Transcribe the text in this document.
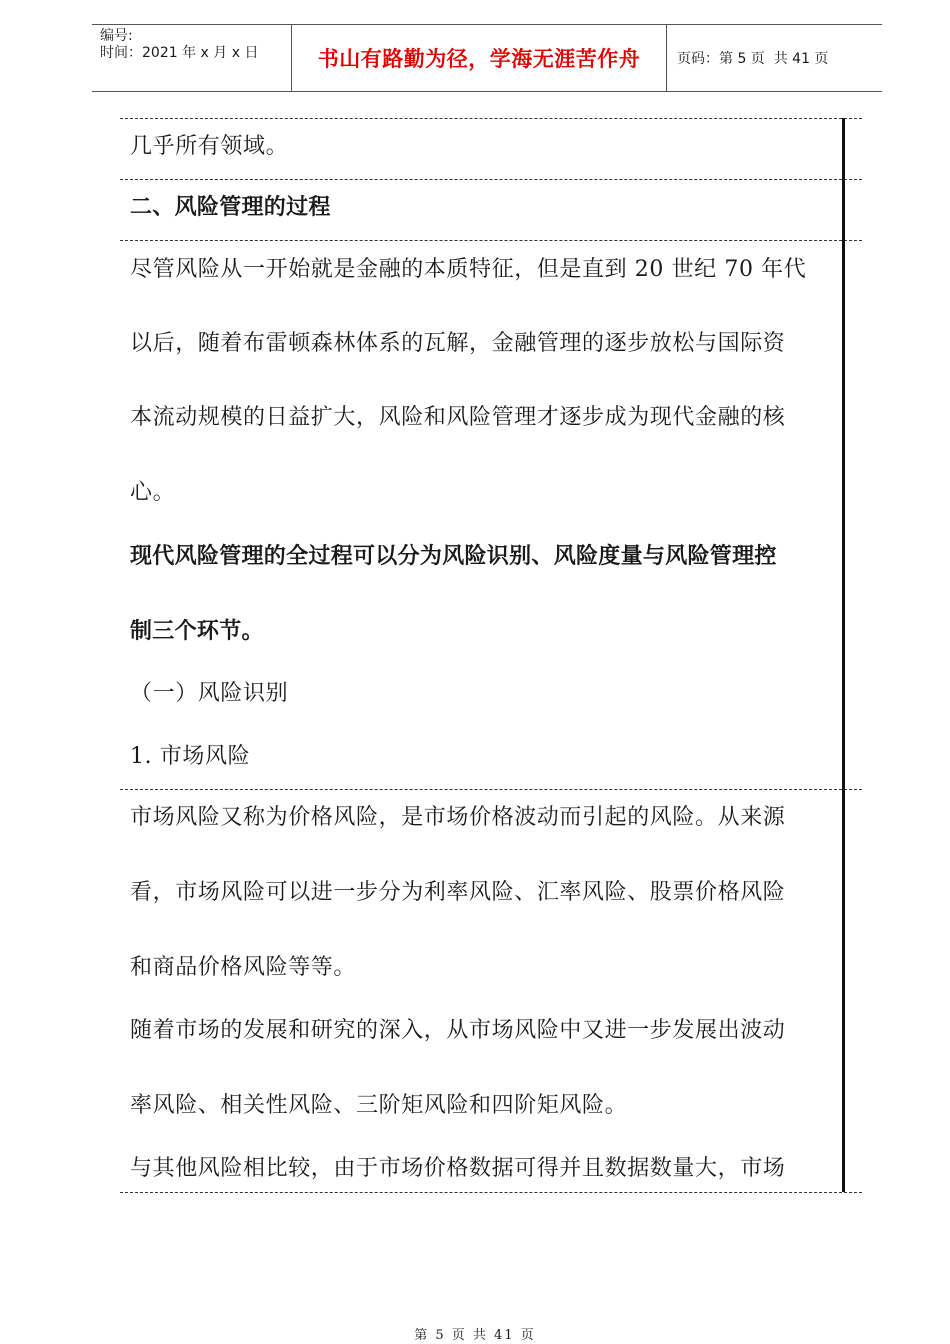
编号:
时间：2021 年 x 月 x 日	书山有路勤为径，学海无涯苦作舟	页码：第 5 页  共 41 页
几乎所有领域。
二、风险管理的过程
尽管风险从一开始就是金融的本质特征，但是直到 20 世纪 70 年代
以后，随着布雷顿森林体系的瓦解，金融管理的逐步放松与国际资
本流动规模的日益扩大，风险和风险管理才逐步成为现代金融的核
心。
现代风险管理的全过程可以分为风险识别、风险度量与风险管理控
制三个环节。
（一）风险识别
1. 市场风险
市场风险又称为价格风险，是市场价格波动而引起的风险。从来源
看，市场风险可以进一步分为利率风险、汇率风险、股票价格风险
和商品价格风险等等。
随着市场的发展和研究的深入，从市场风险中又进一步发展出波动
率风险、相关性风险、三阶矩风险和四阶矩风险。
与其他风险相比较，由于市场价格数据可得并且数据数量大，市场
第 5 页 共 41 页
